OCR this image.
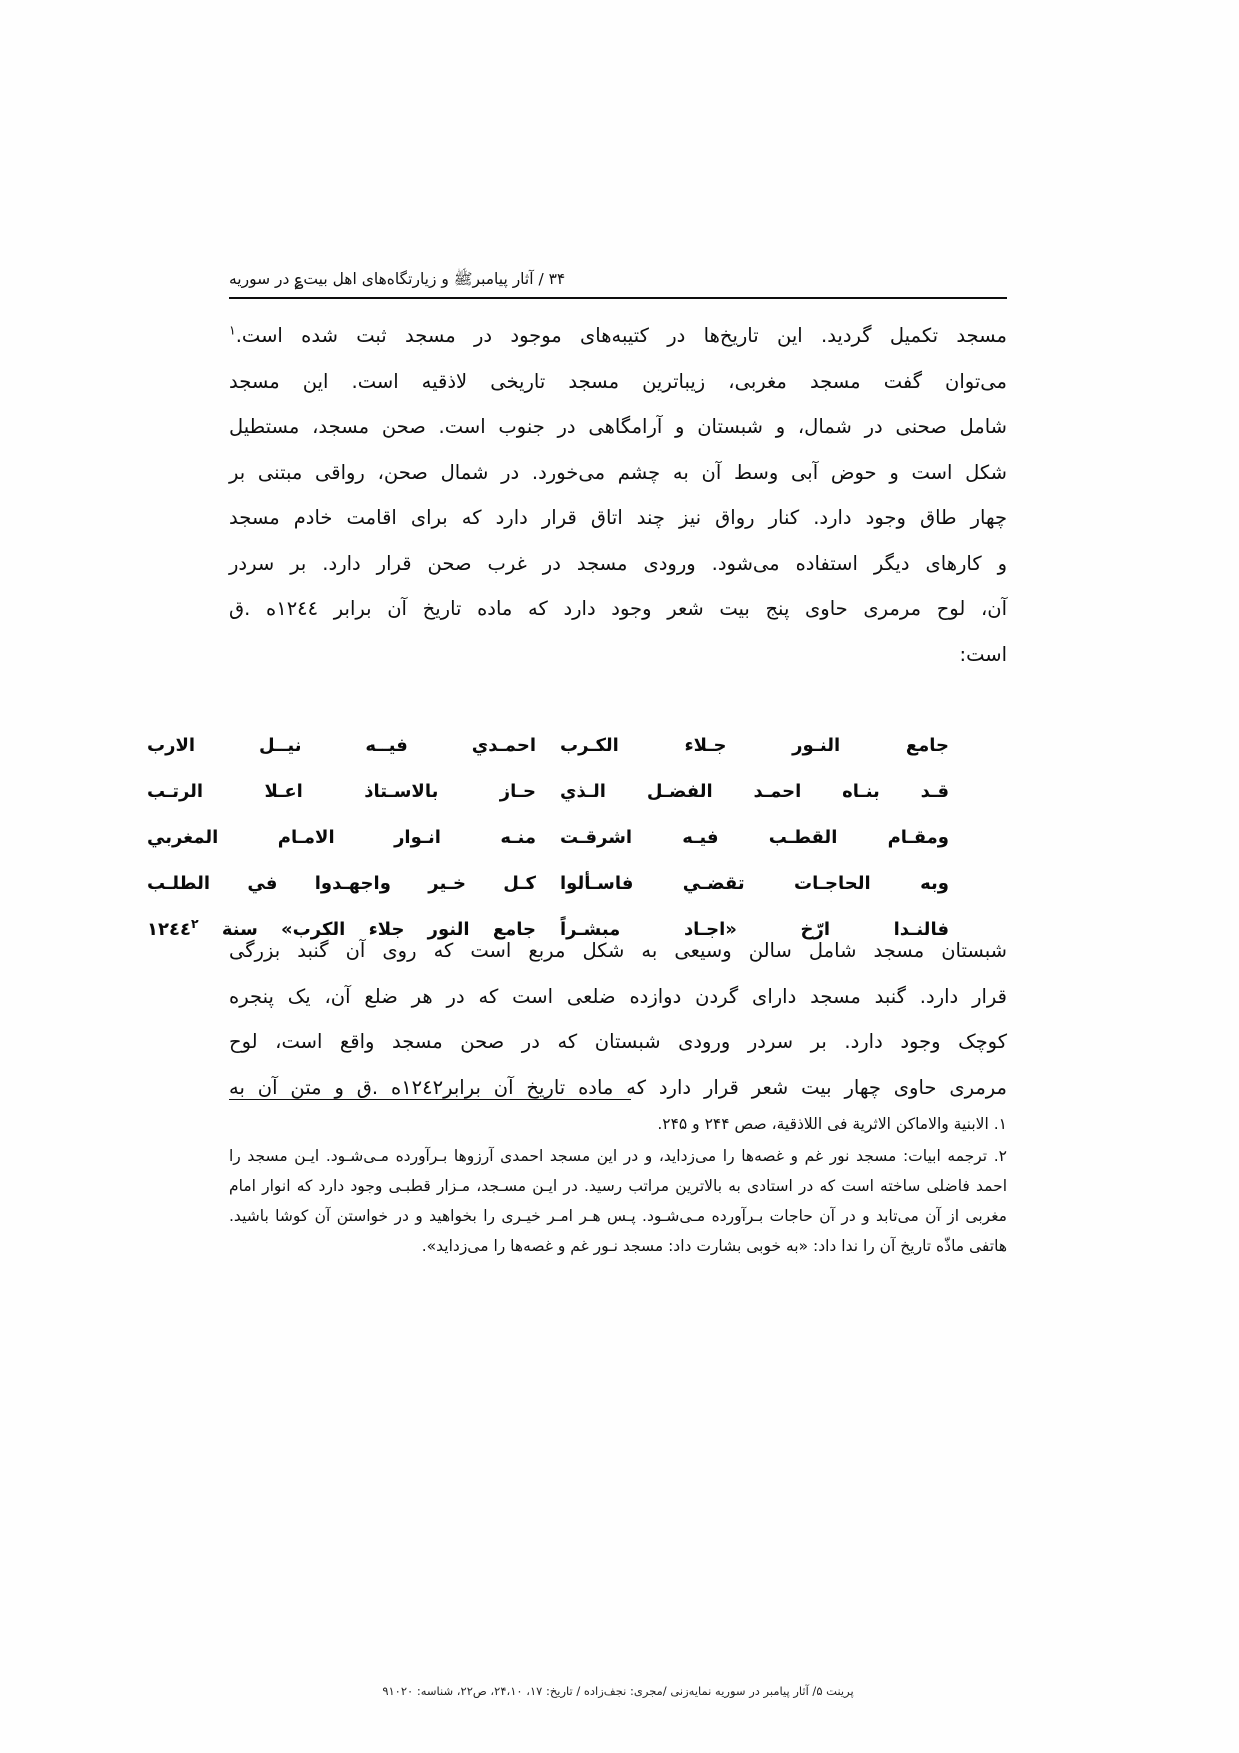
۳۴ / آثار پیامبرﷺ و زیارتگاه‌های اهل بیت؏ در سوریه
مسجد تکمیل گردید. این تاریخ‌ها در کتیبه‌های موجود در مسجد ثبت شده است.$^۱$
می‌توان گفت مسجد مغربی، زیباترین مسجد تاریخی لاذقیه است. این مسجد
شامل صحنی در شمال، و شبستان و آرامگاهی در جنوب است. صحن مسجد، مستطیل
شکل است و حوض آبی وسط آن به چشم می‌خورد. در شمال صحن، رواقی مبتنی بر
چهار طاق وجود دارد. کنار رواق نیز چند اتاق قرار دارد که برای اقامت خادم مسجد
و کارهای دیگر استفاده می‌شود. ورودی مسجد در غرب صحن قرار دارد. بر سردر
آن، لوح مرمری حاوی پنج بیت شعر وجود دارد که ماده تاریخ آن برابر ۱۲٤٤ه .ق
است:
جامع النـور جـلاء الكـرب
احمـدي فيــه نيــل الارب
قـد بنـاه احمـد الفضـل الـذي
حـاز بالاسـتاذ اعـلا الرتـب
ومقـام القطـب فيـه اشرقـت
منـه انـوار الامـام المغربي
وبه الحاجـات تقضـي فاسـألوا
كـل خـير واجهـدوا في الطلـب
فالنـدا ارّخ «اجـاد مبشـراً
جامع النور جلاء الكرب» سنة ١٢٤٤$^۲$
شبستان مسجد شامل سالن وسیعی به شکل مربع است که روی آن گنبد بزرگی
قرار دارد. گنبد مسجد دارای گردن دوازده ضلعی است که در هر ضلع آن، یک پنجره
کوچک وجود دارد. بر سردر ورودی شبستان که در صحن مسجد واقع است، لوح
مرمری حاوی چهار بیت شعر قرار دارد که ماده تاریخ آن برابر۱۲٤۲ه .ق و متن آن به
۱. الابنیة والاماكن الاثریة فی اللاذقیة، صص ۲۴۴ و ۲۴۵.
۲. ترجمه ابیات: مسجد نور غم و غصه‌ها را می‌زداید، و در این مسجد احمدی آرزوها بـرآورده مـی‌شـود. ایـن مسجد را احمد فاضلی ساخته است که در استادی به بالاترین مراتب رسید. در ایـن مسـجد، مـزار قطبـی وجود دارد که انوار امام مغربی از آن می‌تابد و در آن حاجات بـرآورده مـی‌شـود. پـس هـر امـر خیـری را بخواهید و در خواستن آن کوشا باشید. هاتفی ماذّه تاریخ آن را ندا داد: «به خوبی بشارت داد: مسجد نـور غم و غصه‌ها را می‌زداید».
پرینت ۵/ آثار پیامبر در سوریه نمایه‌زنی /مجری: نجف‌زاده / تاریخ: ۱۷، ۲۴،۱۰، ص۲۲، شناسه: ۹۱۰۲۰
